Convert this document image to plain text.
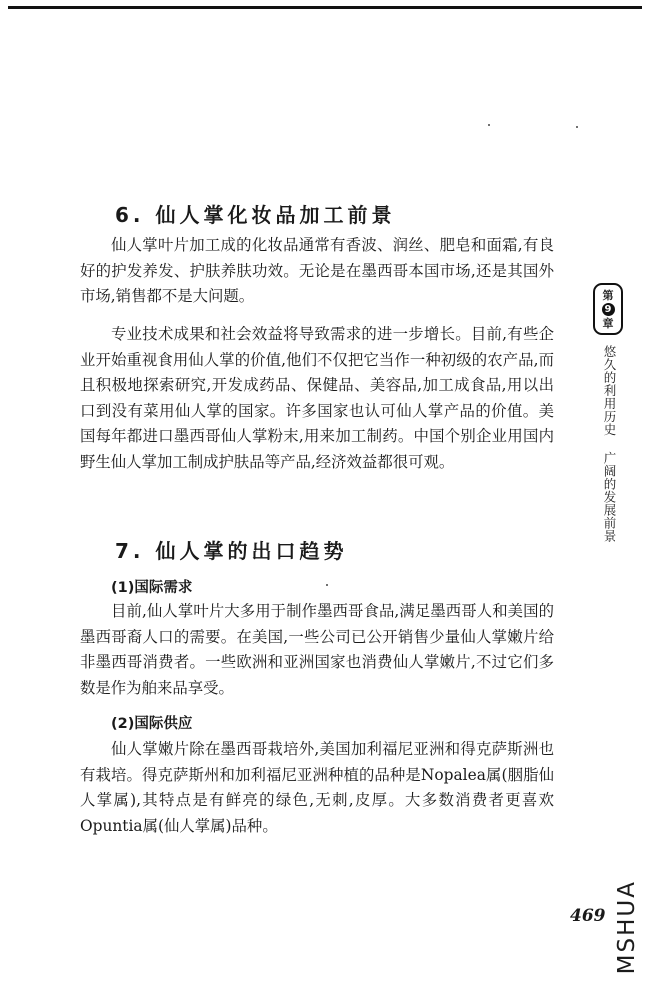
6. 仙人掌化妆品加工前景

仙人掌叶片加工成的化妆品通常有香波、润丝、肥皂和面霜,有良好的护发养发、护肤养肤功效。无论是在墨西哥本国市场,还是其国外市场,销售都不是大问题。

专业技术成果和社会效益将导致需求的进一步增长。目前,有些企业开始重视食用仙人掌的价值,他们不仅把它当作一种初级的农产品,而且积极地探索研究,开发成药品、保健品、美容品,加工成食品,用以出口到没有菜用仙人掌的国家。许多国家也认可仙人掌产品的价值。美国每年都进口墨西哥仙人掌粉末,用来加工制药。中国个别企业用国内野生仙人掌加工制成护肤品等产品,经济效益都很可观。

7. 仙人掌的出口趋势
(1)国际需求

目前,仙人掌叶片大多用于制作墨西哥食品,满足墨西哥人和美国的墨西哥裔人口的需要。在美国,一些公司已公开销售少量仙人掌嫩片给非墨西哥消费者。一些欧洲和亚洲国家也消费仙人掌嫩片,不过它们多数是作为舶来品享受。

(2)国际供应

仙人掌嫩片除在墨西哥栽培外,美国加利福尼亚洲和得克萨斯洲也有栽培。得克萨斯州和加利福尼亚洲种植的品种是Nopalea属(胭脂仙人掌属),其特点是有鲜亮的绿色,无刺,皮厚。大多数消费者更喜欢Opuntia属(仙人掌属)品种。

第
9
章

悠久的利用历史 广阔的发展前景

469 MSHUA
